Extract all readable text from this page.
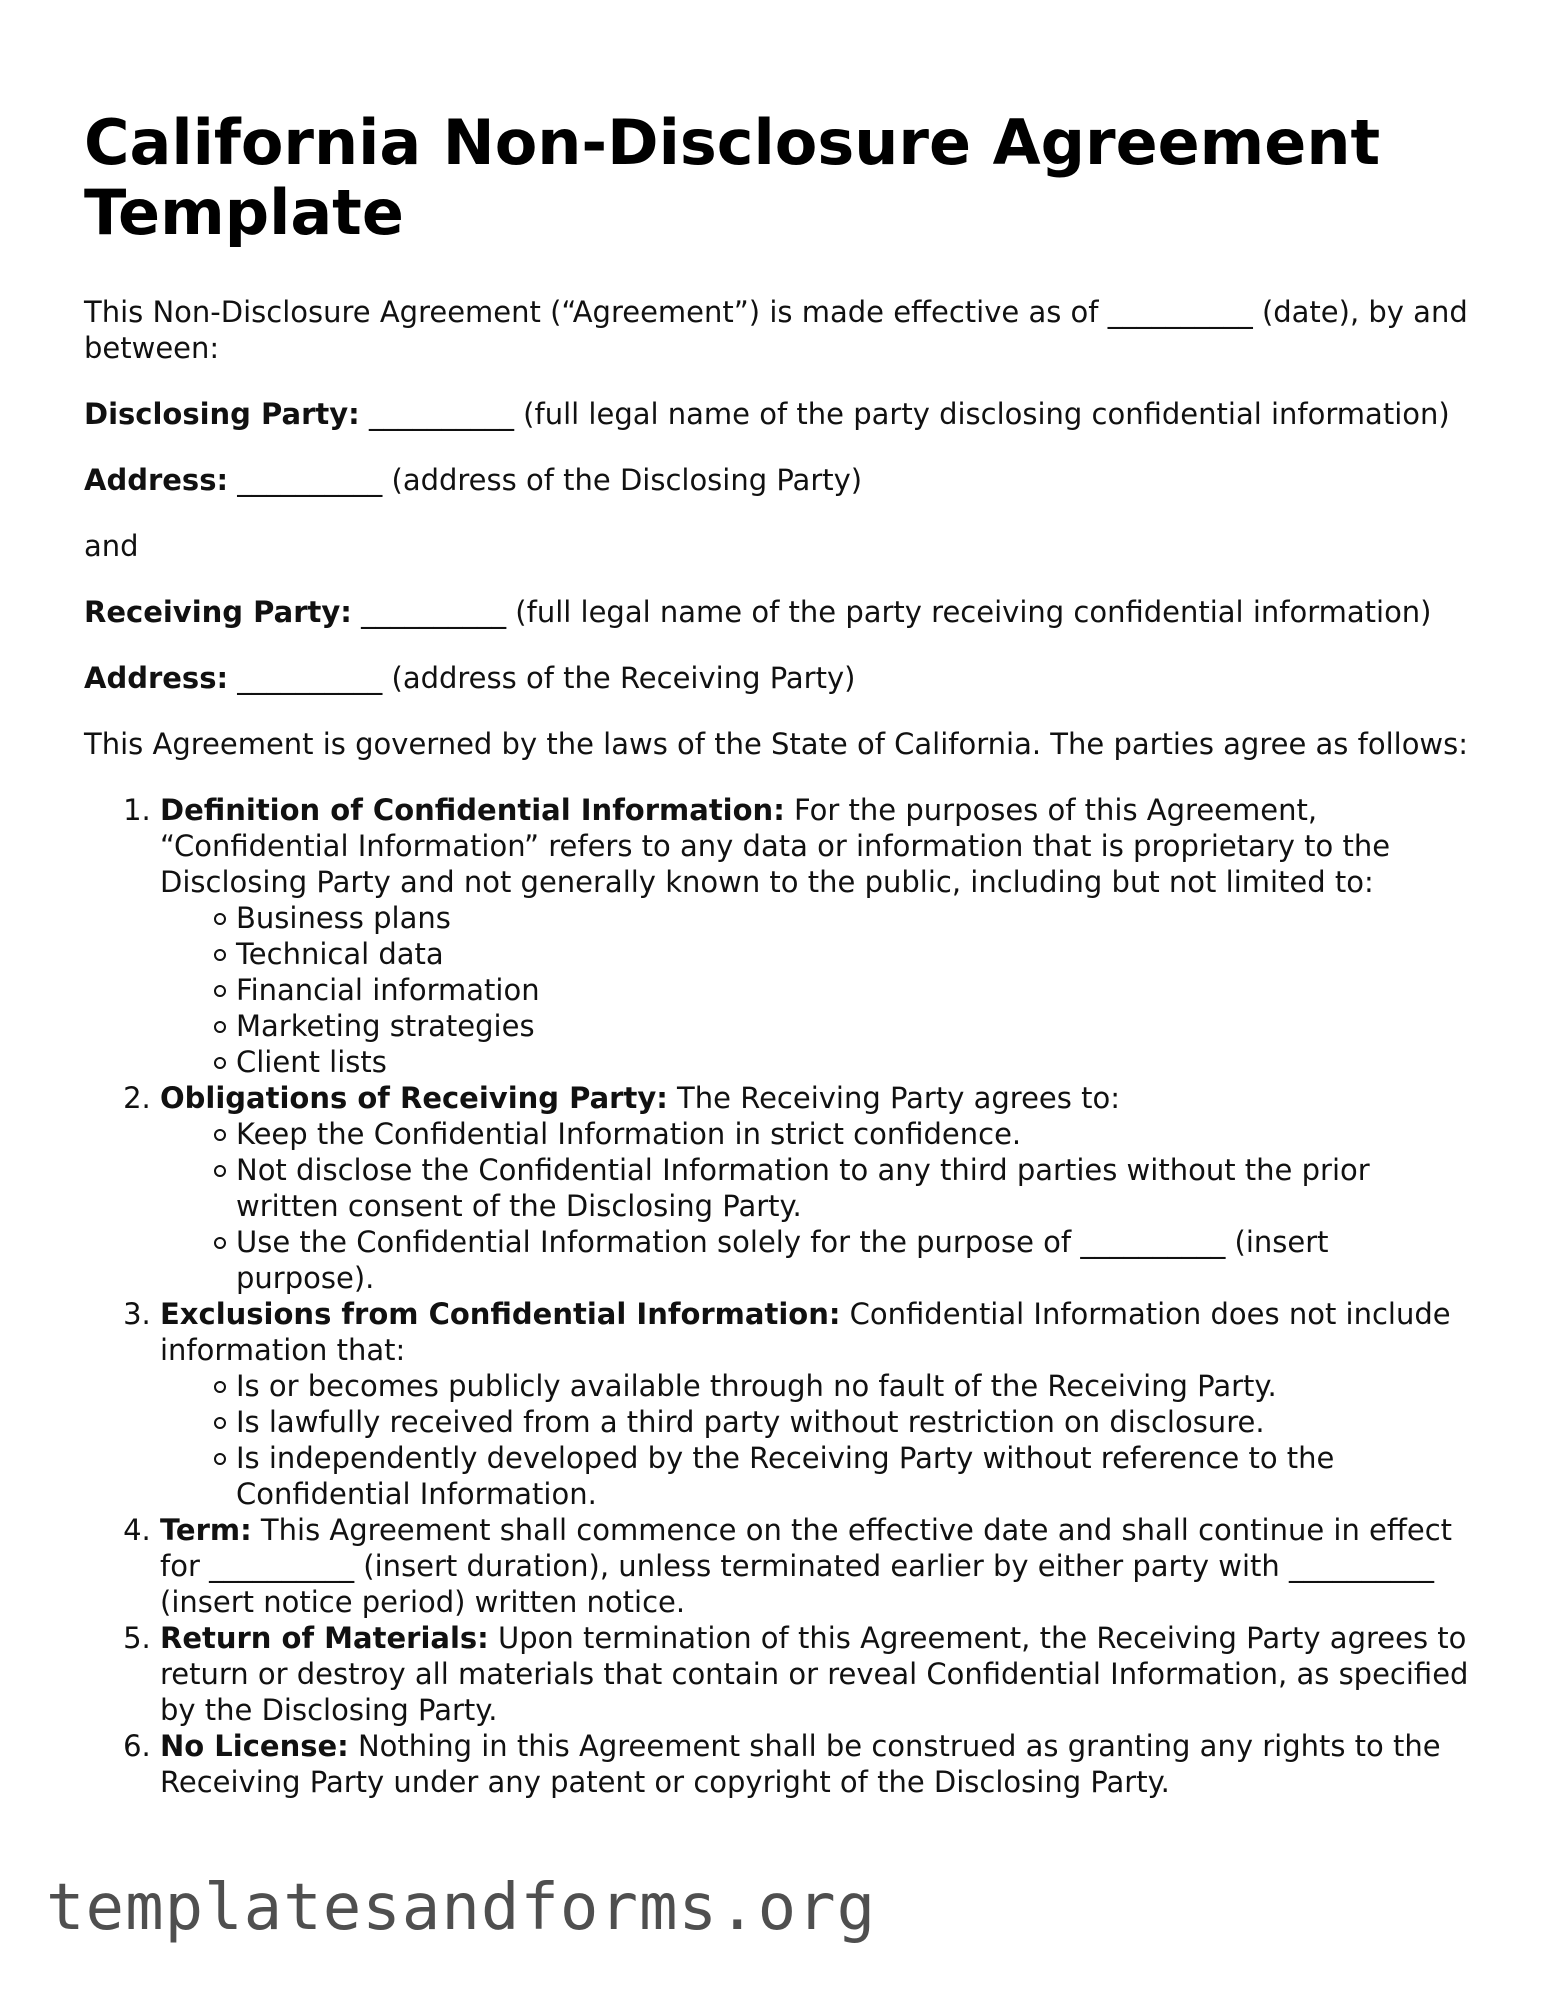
California Non-Disclosure Agreement Template

This Non-Disclosure Agreement (“Agreement”) is made effective as of __________ (date), by and between:

Disclosing Party: __________ (full legal name of the party disclosing confidential information)

Address: __________ (address of the Disclosing Party)

and

Receiving Party: __________ (full legal name of the party receiving confidential information)

Address: __________ (address of the Receiving Party)

This Agreement is governed by the laws of the State of California. The parties agree as follows:

1. Definition of Confidential Information: For the purposes of this Agreement, “Confidential Information” refers to any data or information that is proprietary to the Disclosing Party and not generally known to the public, including but not limited to:
Business plans
Technical data
Financial information
Marketing strategies
Client lists
2. Obligations of Receiving Party: The Receiving Party agrees to:
Keep the Confidential Information in strict confidence.
Not disclose the Confidential Information to any third parties without the prior written consent of the Disclosing Party.
Use the Confidential Information solely for the purpose of __________ (insert purpose).
3. Exclusions from Confidential Information: Confidential Information does not include information that:
Is or becomes publicly available through no fault of the Receiving Party.
Is lawfully received from a third party without restriction on disclosure.
Is independently developed by the Receiving Party without reference to the Confidential Information.
4. Term: This Agreement shall commence on the effective date and shall continue in effect for __________ (insert duration), unless terminated earlier by either party with __________ (insert notice period) written notice.
5. Return of Materials: Upon termination of this Agreement, the Receiving Party agrees to return or destroy all materials that contain or reveal Confidential Information, as specified by the Disclosing Party.
6. No License: Nothing in this Agreement shall be construed as granting any rights to the Receiving Party under any patent or copyright of the Disclosing Party.
templatesandforms.org
